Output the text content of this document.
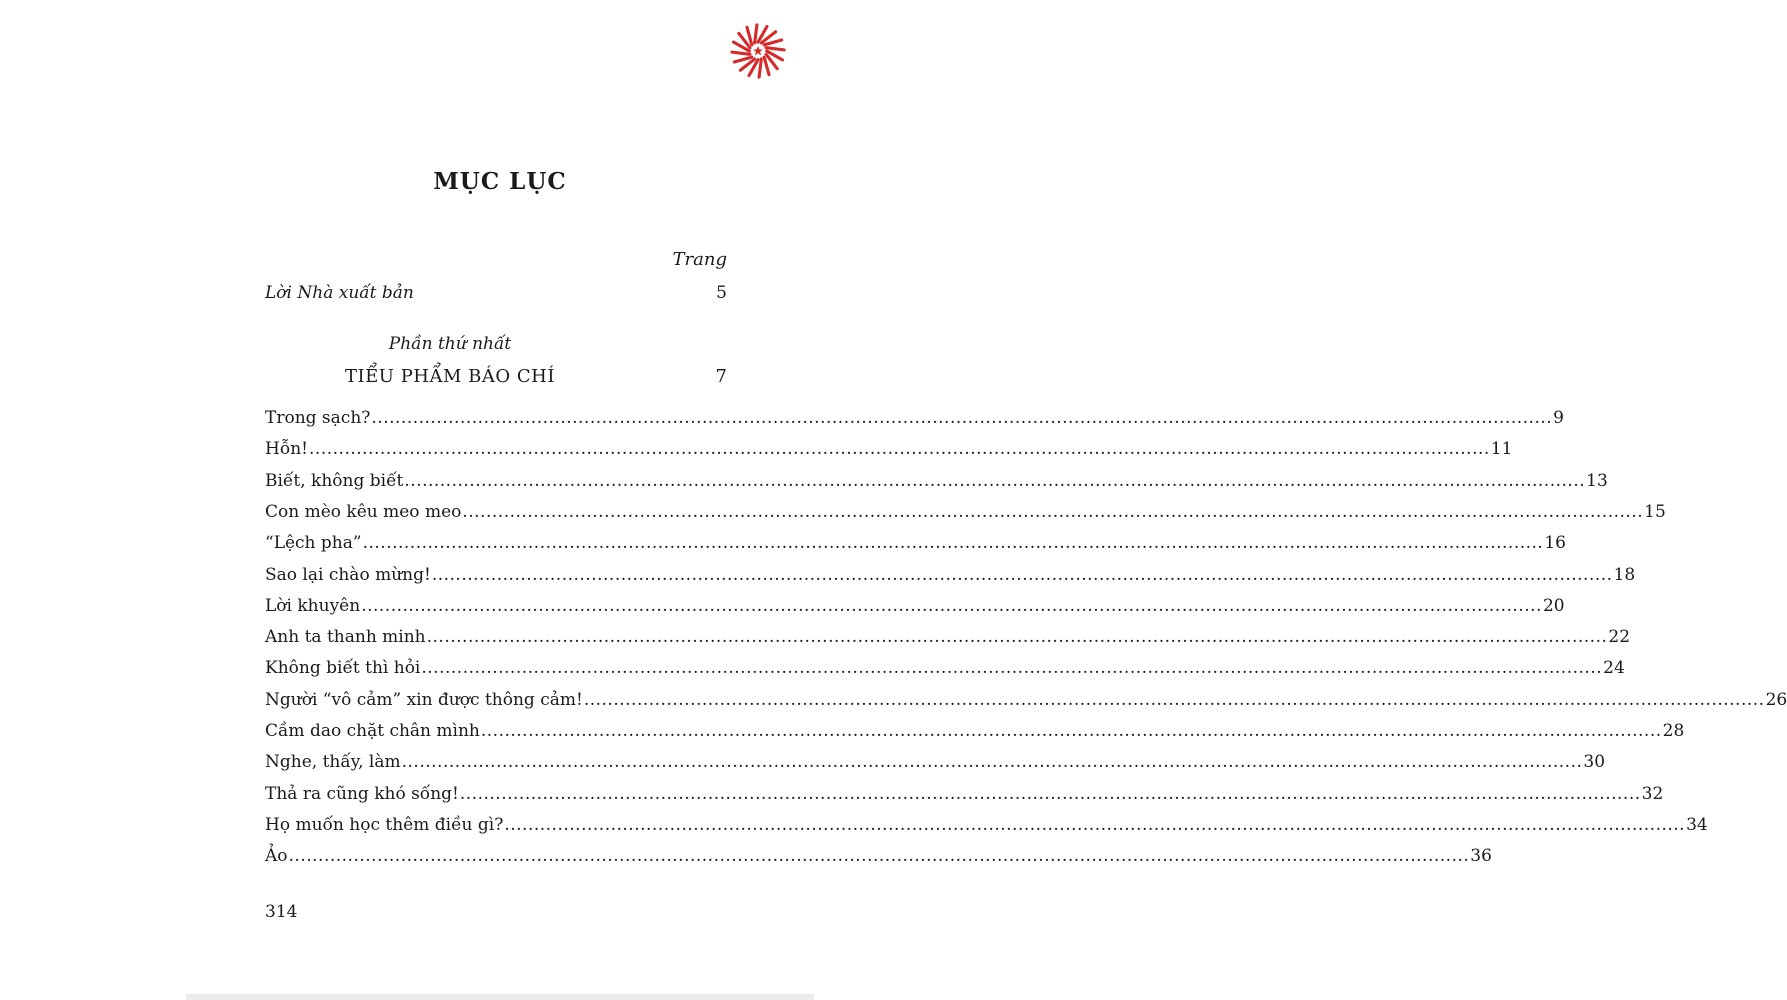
MỤC LỤC
Trang
Lời Nhà xuất bản	5
Phần thứ nhất
TIỂU PHẨM BÁO CHÍ	7
Trong sạch? ........................................................................................................................................................................................................ 9
Hỗn! ........................................................................................................................................................................................................ 11
Biết, không biết ........................................................................................................................................................................................................ 13
Con mèo kêu meo meo ........................................................................................................................................................................................................ 15
“Lệch pha” ........................................................................................................................................................................................................ 16
Sao lại chào mừng! ........................................................................................................................................................................................................ 18
Lời khuyên ........................................................................................................................................................................................................ 20
Anh ta thanh minh ........................................................................................................................................................................................................ 22
Không biết thì hỏi ........................................................................................................................................................................................................ 24
Người “vô cảm” xin được thông cảm! ........................................................................................................................................................................................................ 26
Cầm dao chặt chân mình ........................................................................................................................................................................................................ 28
Nghe, thấy, làm ........................................................................................................................................................................................................ 30
Thả ra cũng khó sống! ........................................................................................................................................................................................................ 32
Họ muốn học thêm điều gì? ........................................................................................................................................................................................................ 34
Ảo ........................................................................................................................................................................................................ 36
314
